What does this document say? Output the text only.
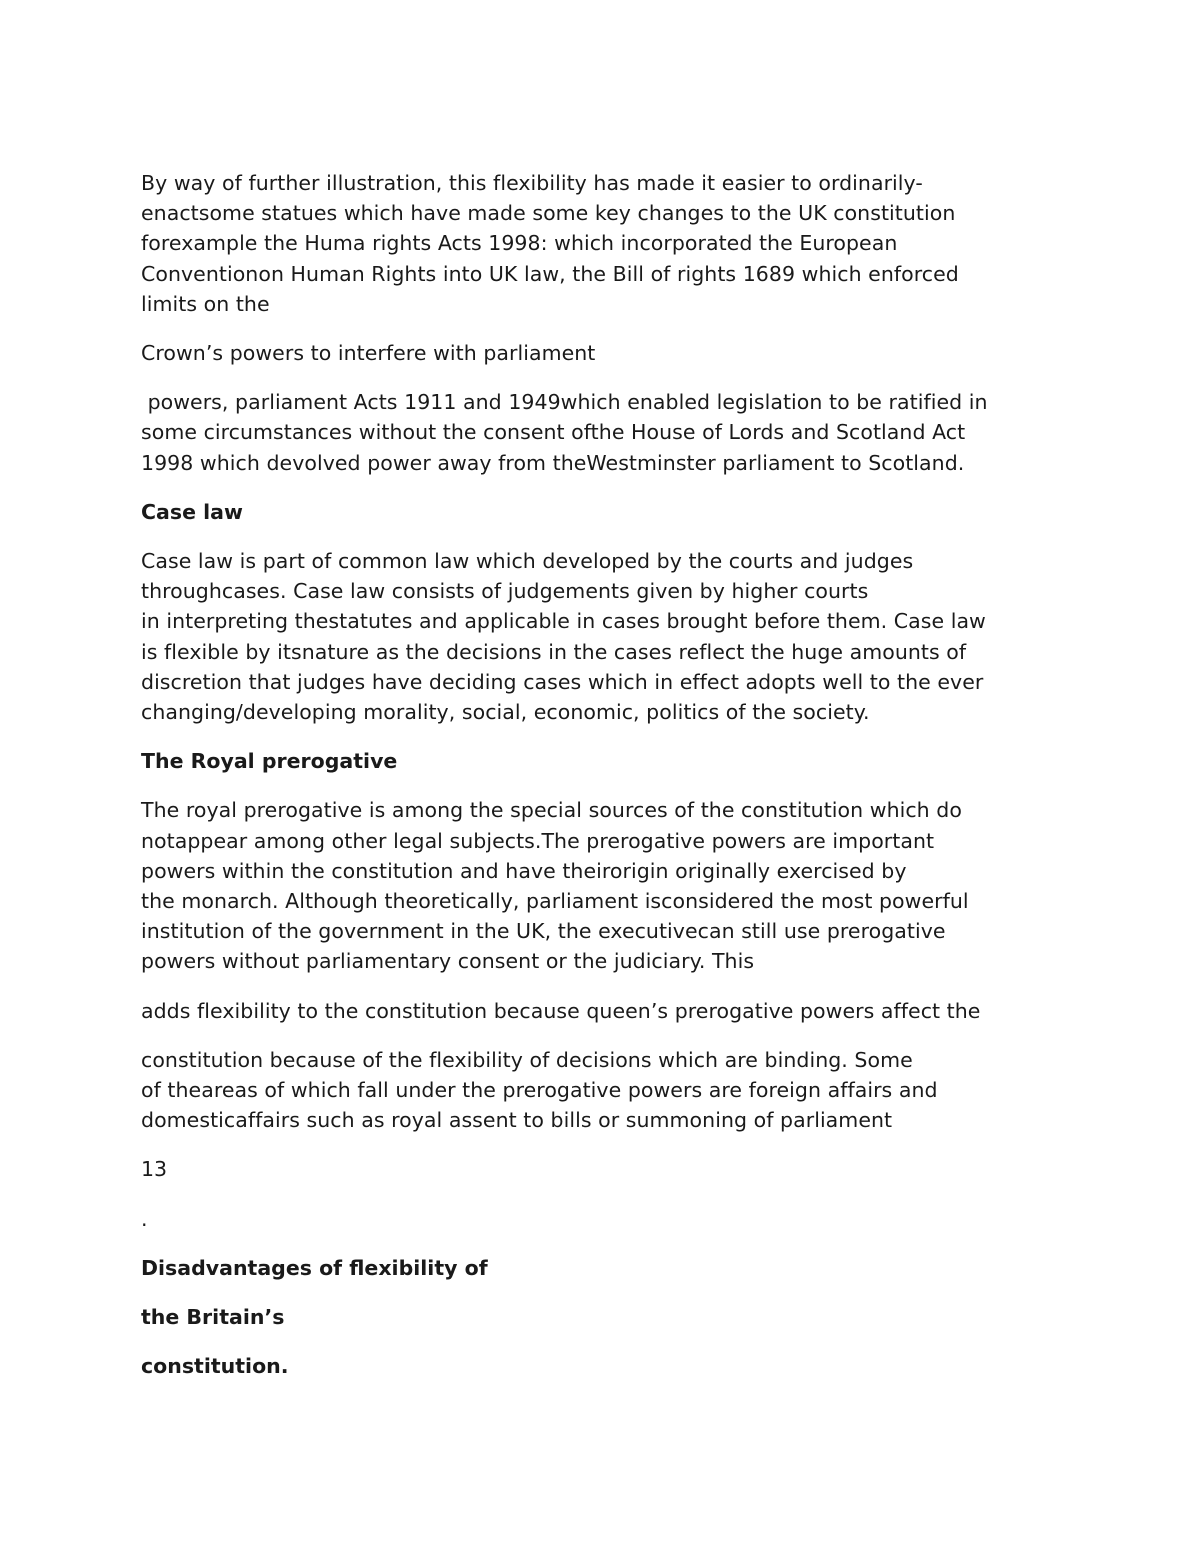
By way of further illustration, this flexibility has made it easier to ordinarily-
enactsome statues which have made some key changes to the UK constitution
forexample the Huma rights Acts 1998: which incorporated the European
Conventionon Human Rights into UK law, the Bill of rights 1689 which enforced
limits on the
Crown’s powers to interfere with parliament
powers, parliament Acts 1911 and 1949which enabled legislation to be ratified in
some circumstances without the consent ofthe House of Lords and Scotland Act
1998 which devolved power away from theWestminster parliament to Scotland.
Case law
Case law is part of common law which developed by the courts and judges
throughcases. Case law consists of judgements given by higher courts
in interpreting thestatutes and applicable in cases brought before them. Case law
is flexible by itsnature as the decisions in the cases reflect the huge amounts of
discretion that judges have deciding cases which in effect adopts well to the ever
changing/developing morality, social, economic, politics of the society.
The Royal prerogative
The royal prerogative is among the special sources of the constitution which do
notappear among other legal subjects.The prerogative powers are important
powers within the constitution and have theirorigin originally exercised by
the monarch. Although theoretically, parliament isconsidered the most powerful
institution of the government in the UK, the executivecan still use prerogative
powers without parliamentary consent or the judiciary. This
adds flexibility to the constitution because queen’s prerogative powers affect the
constitution because of the flexibility of decisions which are binding. Some
of theareas of which fall under the prerogative powers are foreign affairs and
domesticaffairs such as royal assent to bills or summoning of parliament
13
.
Disadvantages of flexibility of
the Britain’s
constitution.
